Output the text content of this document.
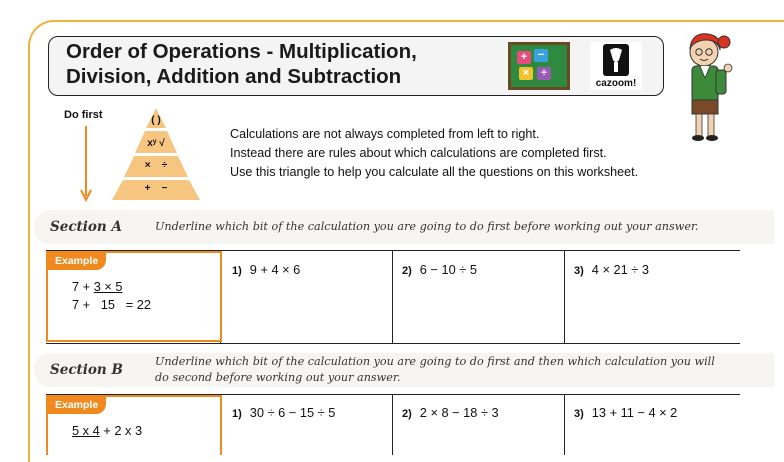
Order of Operations - Multiplication,
Division, Addition and Subtraction
+ −
×	÷
cazoom!
Do first	( )
xʸ √
×    ÷
+    −
Calculations are not always completed from left to right.
Instead there are rules about which calculations are completed first.
Use this triangle to help you calculate all the questions on this worksheet.
Section A	Underline which bit of the calculation you are going to do first before working out your answer.
Example
7 + 3 × 5
7 +   15   = 22
1) 9 + 4 × 6	2) 6 − 10 ÷ 5	3) 4 × 21 ÷ 3
Section B
Underline which bit of the calculation you are going to do first and then which calculation you will
do second before working out your answer.
Example
5 x 4 + 2 x 3
1) 30 ÷ 6 − 15 ÷ 5	2) 2 × 8 − 18 ÷ 3	3) 13 + 11 − 4 × 2
